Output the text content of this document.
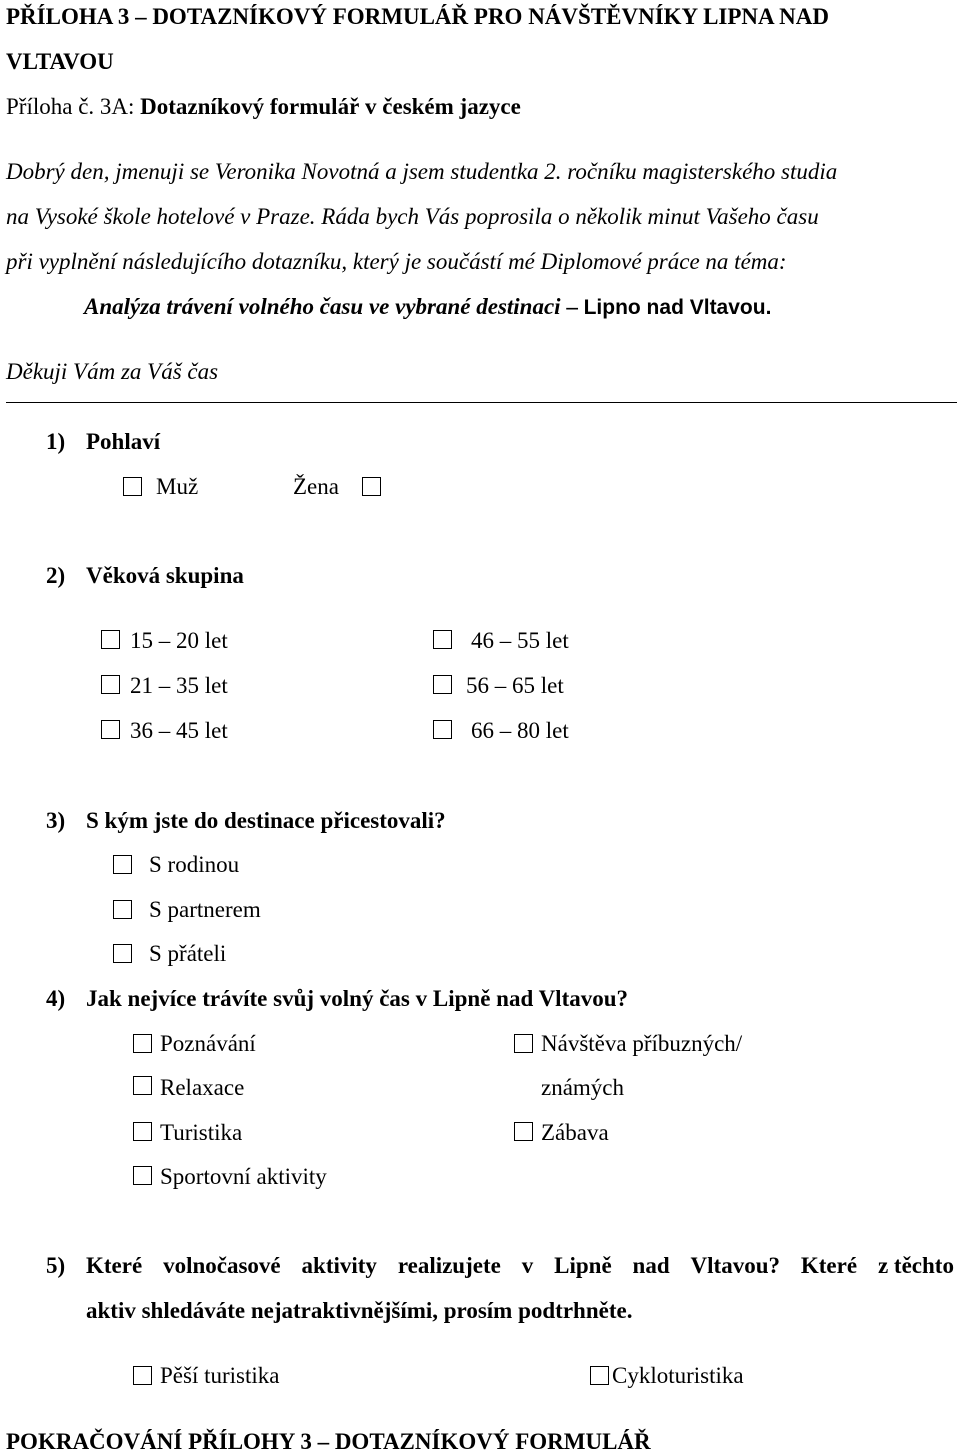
PŘÍLOHA 3 – DOTAZNÍKOVÝ FORMULÁŘ PRO NÁVŠTĚVNÍKY LIPNA NAD
VLTAVOU
Příloha č. 3A: Dotazníkový formulář v českém jazyce
Dobrý den, jmenuji se Veronika Novotná a jsem studentka 2. ročníku magisterského studia
na Vysoké škole hotelové v Praze. Ráda bych Vás poprosila o několik minut Vašeho času
při vyplnění následujícího dotazníku, který je součástí mé Diplomové práce na téma:
Analýza trávení volného času ve vybrané destinaci – Lipno nad Vltavou.
Děkuji Vám za Váš čas
1) Pohlaví
Muž	Žena
2) Věková skupina
15 – 20 let
21 – 35 let
36 – 45 let
46 – 55 let
56 – 65 let
66 – 80 let
3) S kým jste do destinace přicestovali?
S rodinou
S partnerem
S přáteli
4) Jak nejvíce trávíte svůj volný čas v Lipně nad Vltavou?
Poznávání
Relaxace
Turistika
Sportovní aktivity
Návštěva příbuzných/
známých
Zábava
5) Které volnočasové aktivity realizujete v Lipně nad Vltavou? Které z těchto
aktiv shledáváte nejatraktivnějšími, prosím podtrhněte.
Pěší turistika	Cykloturistika
POKRAČOVÁNÍ PŘÍLOHY 3 – DOTAZNÍKOVÝ FORMULÁŘ
